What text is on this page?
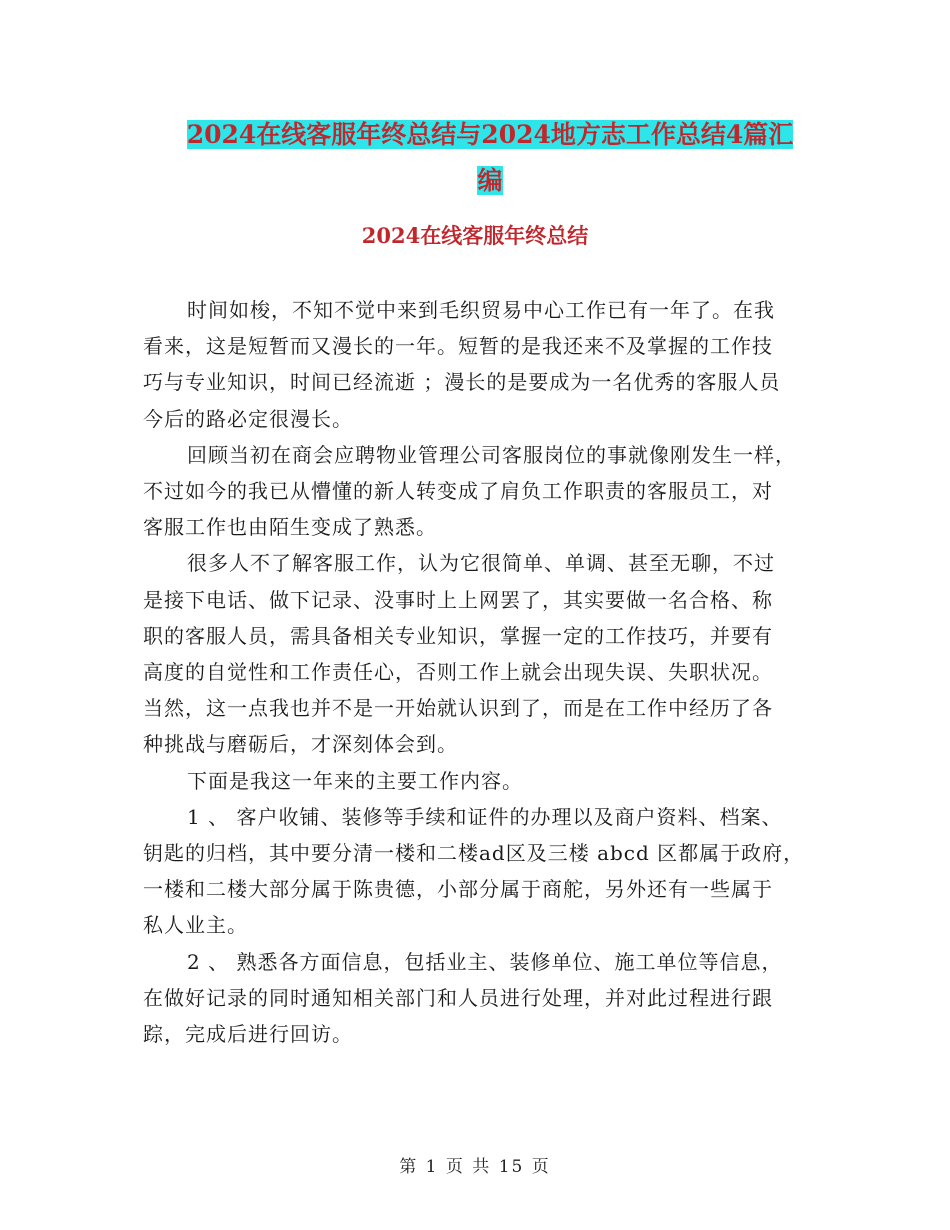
2024在线客服年终总结与2024地方志工作总结4篇汇
编
2024在线客服年终总结

时间如梭，不知不觉中来到毛织贸易中心工作已有一年了。在我
看来，这是短暂而又漫长的一年。短暂的是我还来不及掌握的工作技
巧与专业知识，时间已经流逝 ；漫长的是要成为一名优秀的客服人员
今后的路必定很漫长。

回顾当初在商会应聘物业管理公司客服岗位的事就像刚发生一样，
不过如今的我已从懵懂的新人转变成了肩负工作职责的客服员工，对
客服工作也由陌生变成了熟悉。

很多人不了解客服工作，认为它很简单、单调、甚至无聊，不过
是接下电话、做下记录、没事时上上网罢了，其实要做一名合格、称
职的客服人员，需具备相关专业知识，掌握一定的工作技巧，并要有
高度的自觉性和工作责任心，否则工作上就会出现失误、失职状况。
当然，这一点我也并不是一开始就认识到了，而是在工作中经历了各
种挑战与磨砺后，才深刻体会到。

下面是我这一年来的主要工作内容。

1 、 客户收铺、装修等手续和证件的办理以及商户资料、档案、
钥匙的归档，其中要分清一楼和二楼ad区及三楼 abcd 区都属于政府，
一楼和二楼大部分属于陈贵德，小部分属于商舵，另外还有一些属于
私人业主。

2 、 熟悉各方面信息，包括业主、装修单位、施工单位等信息，
在做好记录的同时通知相关部门和人员进行处理，并对此过程进行跟
踪，完成后进行回访。

第 1 页 共 15 页
